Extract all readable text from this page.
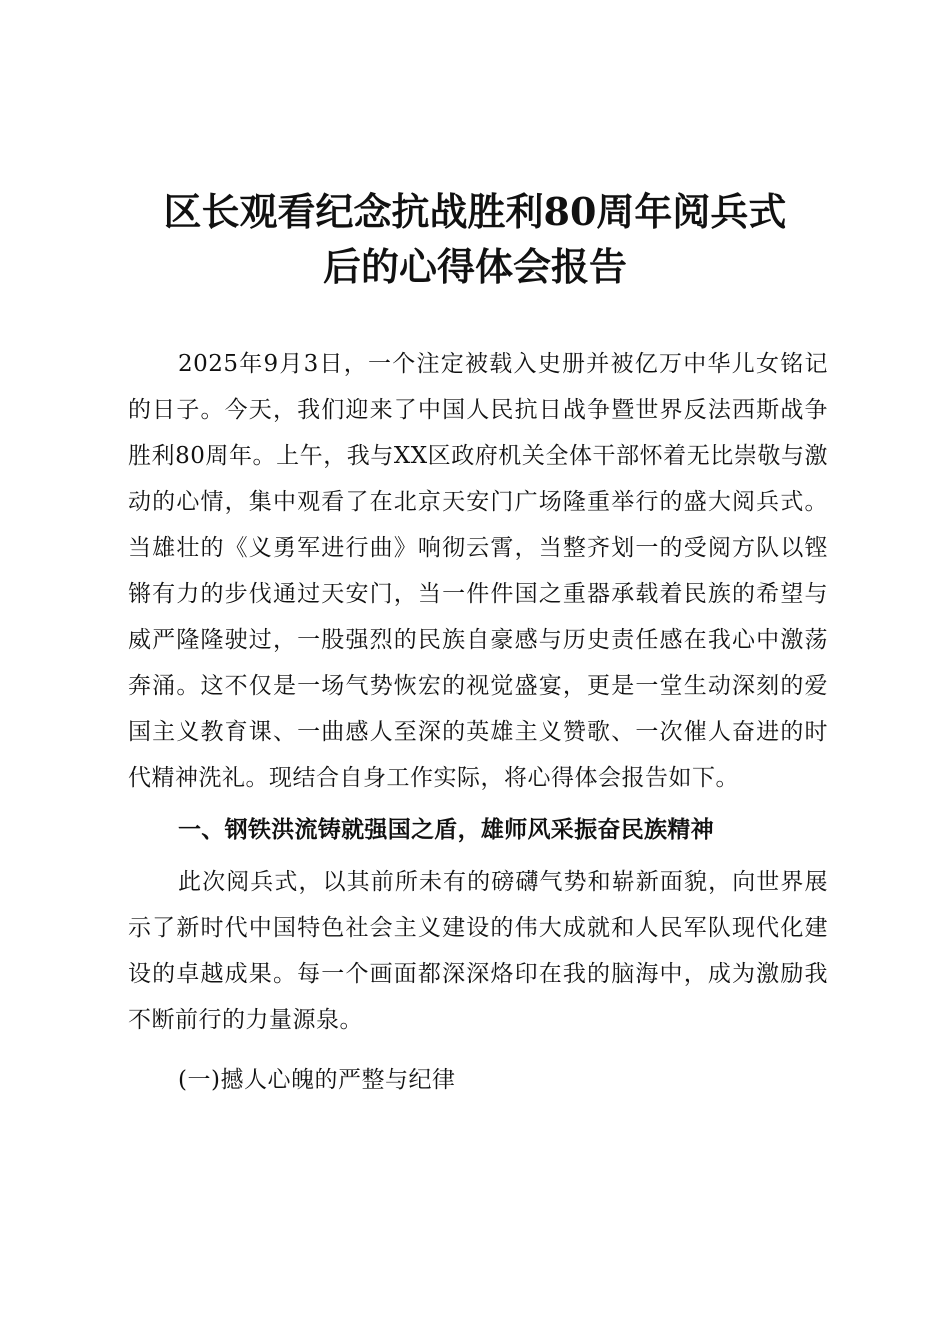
区长观看纪念抗战胜利80周年阅兵式
后的心得体会报告

2025年9月3日，一个注定被载入史册并被亿万中华儿女铭记的日子。今天，我们迎来了中国人民抗日战争暨世界反法西斯战争胜利80周年。上午，我与XX区政府机关全体干部怀着无比崇敬与激动的心情，集中观看了在北京天安门广场隆重举行的盛大阅兵式。当雄壮的《义勇军进行曲》响彻云霄，当整齐划一的受阅方队以铿锵有力的步伐通过天安门，当一件件国之重器承载着民族的希望与威严隆隆驶过，一股强烈的民族自豪感与历史责任感在我心中激荡奔涌。这不仅是一场气势恢宏的视觉盛宴，更是一堂生动深刻的爱国主义教育课、一曲感人至深的英雄主义赞歌、一次催人奋进的时代精神洗礼。现结合自身工作实际，将心得体会报告如下。

一、钢铁洪流铸就强国之盾，雄师风采振奋民族精神

此次阅兵式，以其前所未有的磅礴气势和崭新面貌，向世界展示了新时代中国特色社会主义建设的伟大成就和人民军队现代化建设的卓越成果。每一个画面都深深烙印在我的脑海中，成为激励我不断前行的力量源泉。

(一)撼人心魄的严整与纪律
